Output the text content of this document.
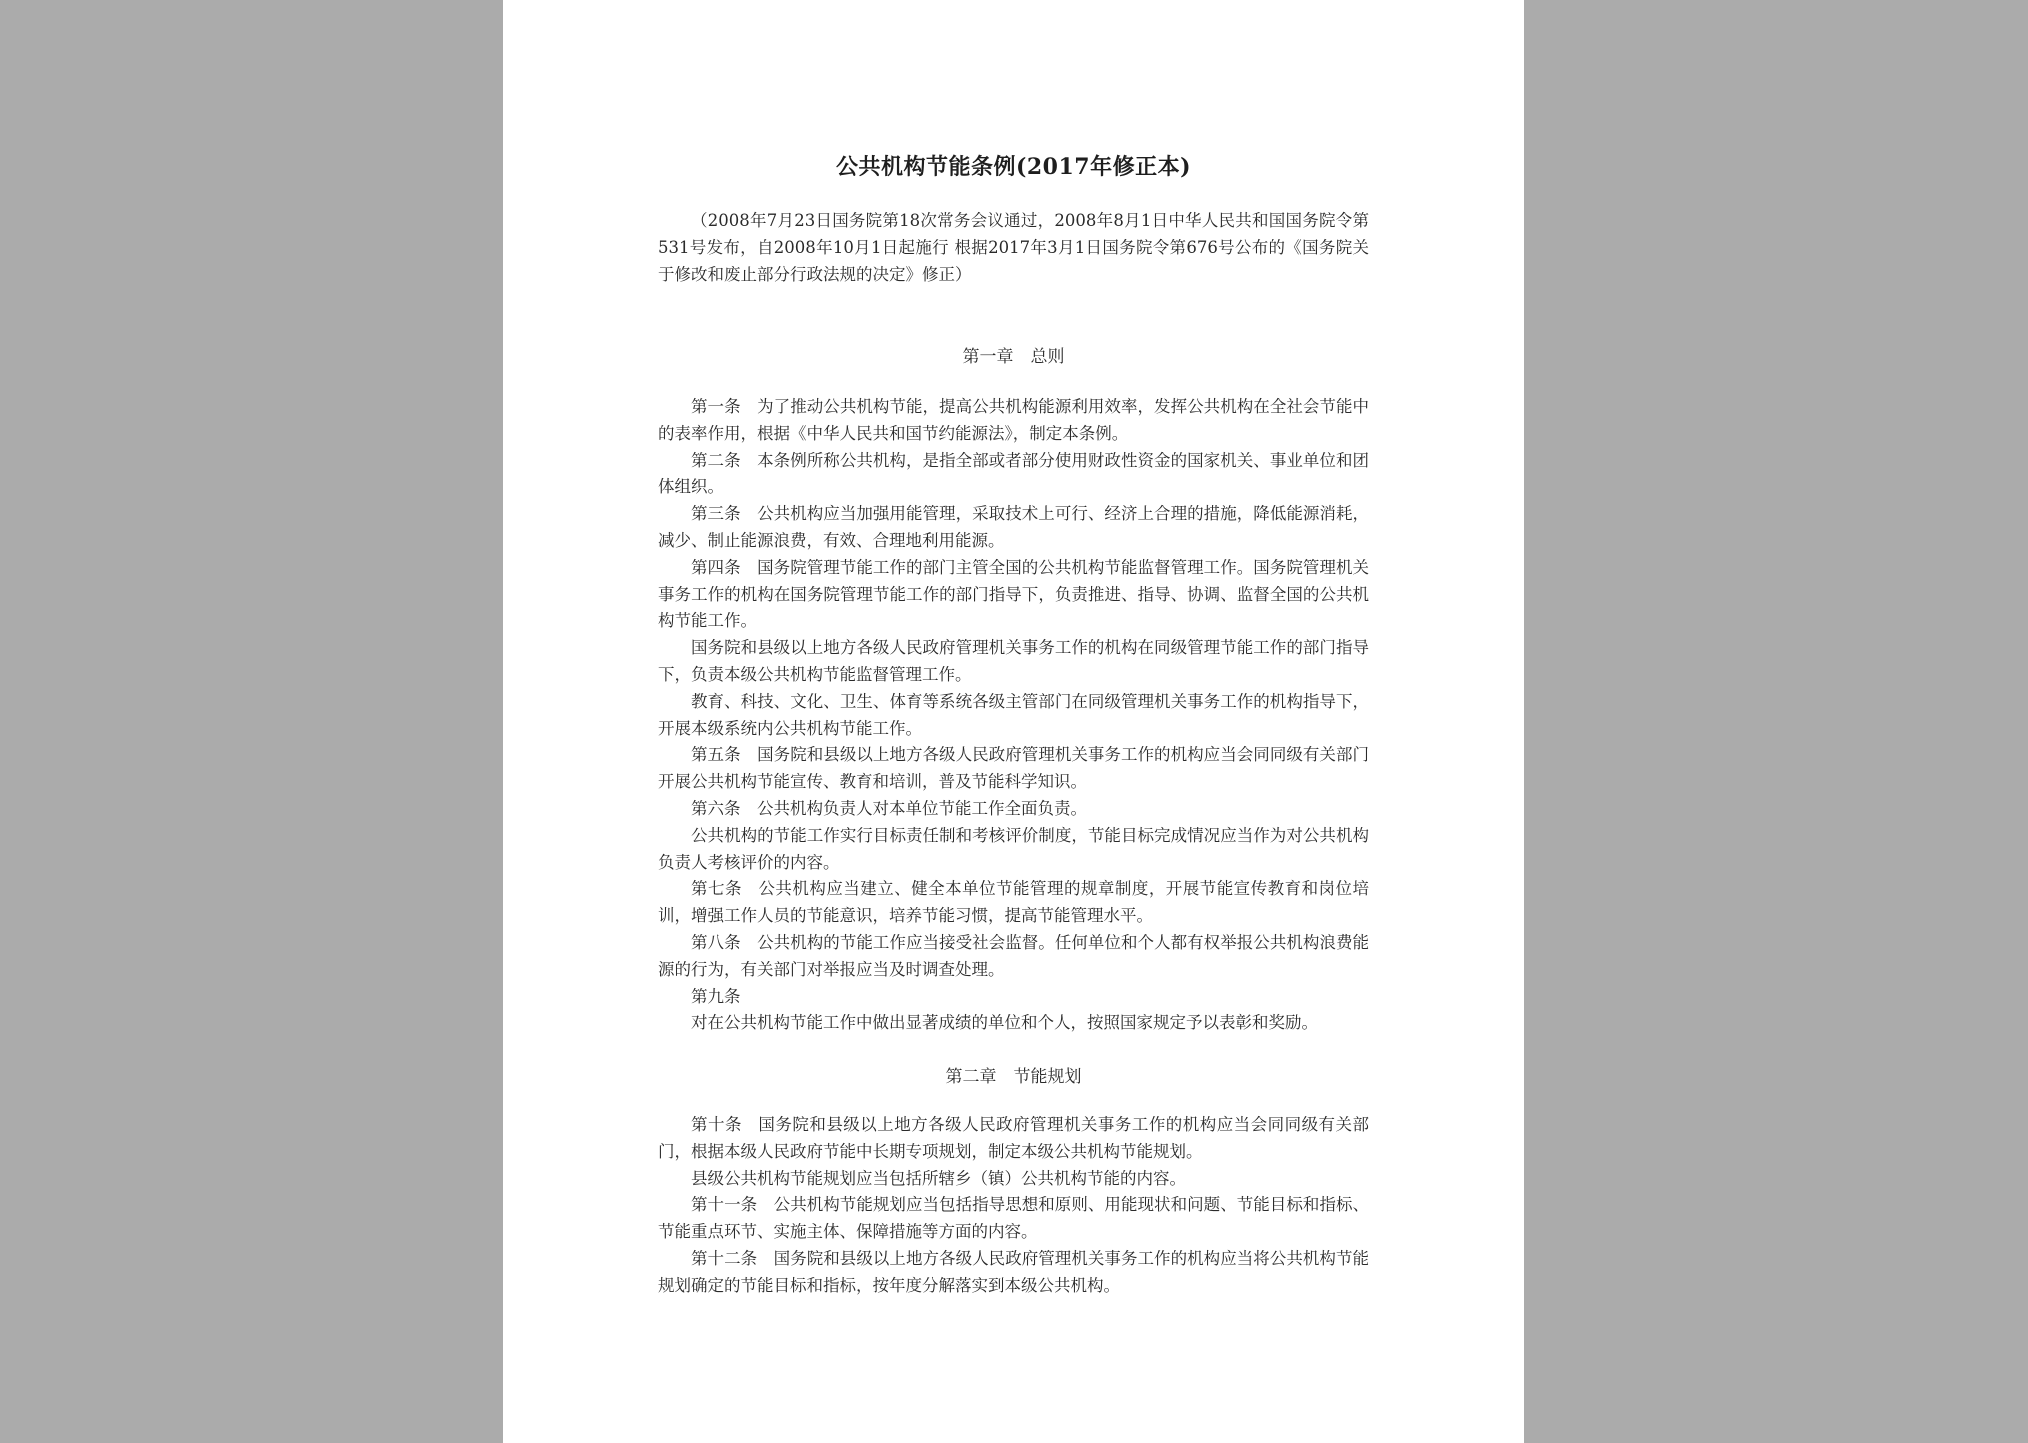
公共机构节能条例(2017年修正本)

（2008年7月23日国务院第18次常务会议通过，2008年8月1日中华人民共和国国务院令第531号发布，自2008年10月1日起施行 根据2017年3月1日国务院令第676号公布的《国务院关于修改和废止部分行政法规的决定》修正）

第一章　总则

第一条 为了推动公共机构节能，提高公共机构能源利用效率，发挥公共机构在全社会节能中的表率作用，根据《中华人民共和国节约能源法》，制定本条例。

第二条 本条例所称公共机构，是指全部或者部分使用财政性资金的国家机关、事业单位和团体组织。

第三条 公共机构应当加强用能管理，采取技术上可行、经济上合理的措施，降低能源消耗，减少、制止能源浪费，有效、合理地利用能源。

第四条 国务院管理节能工作的部门主管全国的公共机构节能监督管理工作。国务院管理机关事务工作的机构在国务院管理节能工作的部门指导下，负责推进、指导、协调、监督全国的公共机构节能工作。

国务院和县级以上地方各级人民政府管理机关事务工作的机构在同级管理节能工作的部门指导下，负责本级公共机构节能监督管理工作。

教育、科技、文化、卫生、体育等系统各级主管部门在同级管理机关事务工作的机构指导下，开展本级系统内公共机构节能工作。

第五条 国务院和县级以上地方各级人民政府管理机关事务工作的机构应当会同同级有关部门开展公共机构节能宣传、教育和培训，普及节能科学知识。

第六条 公共机构负责人对本单位节能工作全面负责。

公共机构的节能工作实行目标责任制和考核评价制度，节能目标完成情况应当作为对公共机构负责人考核评价的内容。

第七条 公共机构应当建立、健全本单位节能管理的规章制度，开展节能宣传教育和岗位培训，增强工作人员的节能意识，培养节能习惯，提高节能管理水平。

第八条 公共机构的节能工作应当接受社会监督。任何单位和个人都有权举报公共机构浪费能源的行为，有关部门对举报应当及时调查处理。

第九条

对在公共机构节能工作中做出显著成绩的单位和个人，按照国家规定予以表彰和奖励。

第二章　节能规划

第十条 国务院和县级以上地方各级人民政府管理机关事务工作的机构应当会同同级有关部门，根据本级人民政府节能中长期专项规划，制定本级公共机构节能规划。

县级公共机构节能规划应当包括所辖乡（镇）公共机构节能的内容。

第十一条 公共机构节能规划应当包括指导思想和原则、用能现状和问题、节能目标和指标、节能重点环节、实施主体、保障措施等方面的内容。

第十二条 国务院和县级以上地方各级人民政府管理机关事务工作的机构应当将公共机构节能规划确定的节能目标和指标，按年度分解落实到本级公共机构。
